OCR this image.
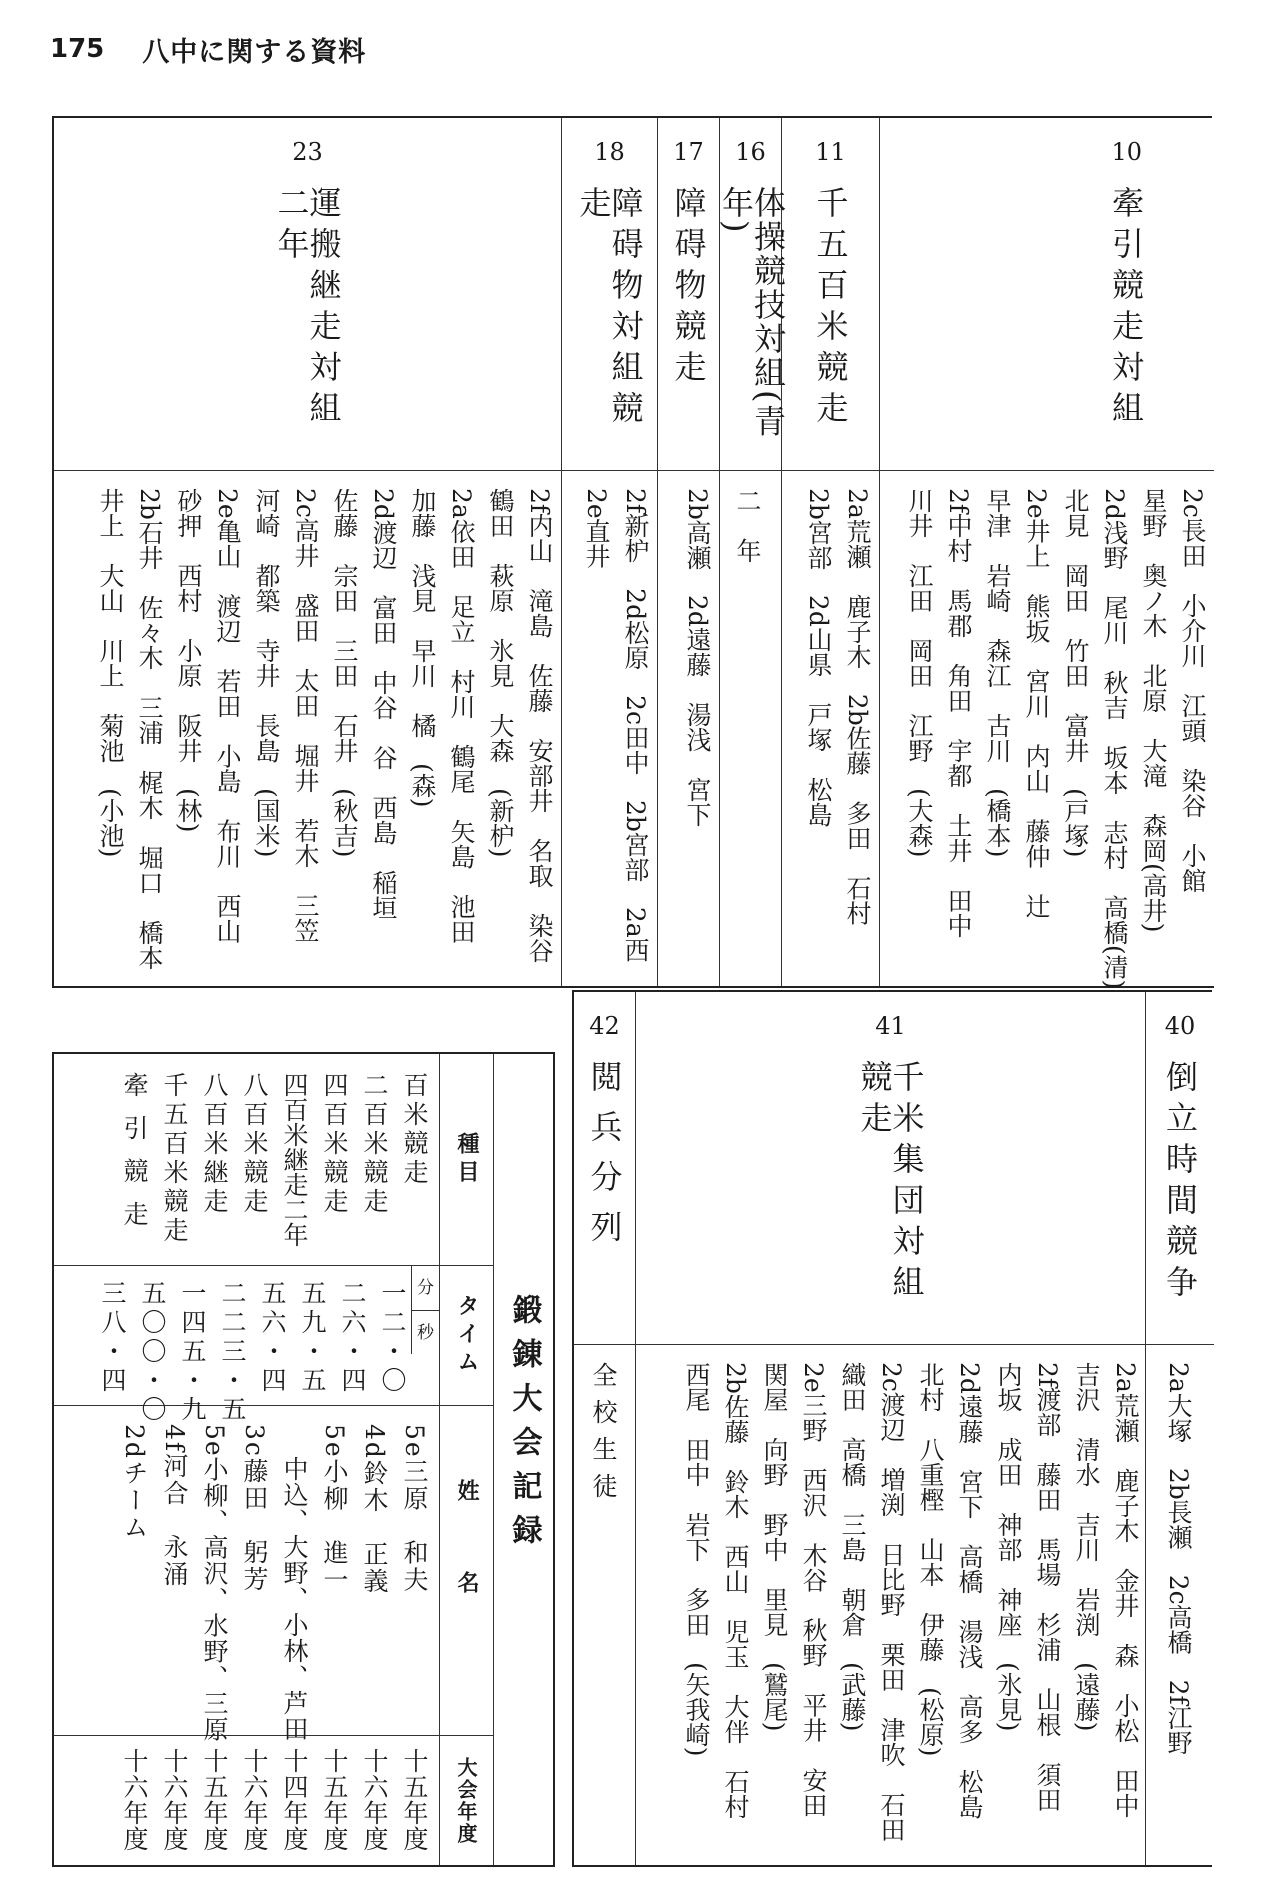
175 八中に関する資料
23
運搬継走対組二年
2f内山　滝島　佐藤　安部井　名取　染谷
鶴田　萩原　氷見　大森　(新枦)
2a依田　足立　村川　鶴尾　矢島　池田
加藤　浅見　早川　橘　(森)
2d渡辺　富田　中谷　谷　西島　稲垣
佐藤　宗田　三田　石井　(秋吉)
2c高井　盛田　太田　堀井　若木　三笠
河崎　都築　寺井　長島　(国米)
2e亀山　渡辺　若田　小島　布川　西山
砂押　西村　小原　阪井　(林)
2b石井　佐々木　三浦　梶木　堀口　橋本
井上　大山　川上　菊池　(小池)
18
障碍物対組競走
2f新枦　2d松原　2c田中　2b宮部　2a西
2e直井
17
障碍物競走
2b高瀬　2d遠藤　湯浅　宮下
16
体操競技対組(青年)
二　年
11
千五百米競走
2a荒瀬　鹿子木　2b佐藤　多田　石村
2b宮部　2d山県　戸塚　松島
10
牽引競走対組
2c長田　小介川　江頭　染谷　小館
星野　奥ノ木　北原　大滝　森岡(高井)
2d浅野　尾川　秋吉　坂本　志村　高橋(清)
北見　岡田　竹田　富井　(戸塚)
2e井上　熊坂　宮川　内山　藤仲　辻
早津　岩崎　森江　古川　(橋本)
2f中村　馬郡　角田　宇都　土井　田中
川井　江田　岡田　江野　(大森)
鍛錬大会記録
種目
百米競走
二百米競走
四百米競走
四百米継走二年
八百米競走
八百米継走
千五百米競走
牽引競走
タイム
分
秒
一二・〇
二六・四
五九・五
五六・四
二二三・五
一四五・九
五〇〇・〇
三八・四
姓名
5e三原　和夫
4d鈴木　正義
5e小柳　進一
中込、大野、小林、芦田
3c藤田　躬芳
5e小柳、高沢、水野、三原
4f河合　永涌
2dチーム
大会年度
十五年度
十六年度
十五年度
十四年度
十六年度
十五年度
十六年度
十六年度
42
閲兵分列
全校生徒
41
千米集団対組競走
2a荒瀬　鹿子木　金井　森　小松　田中
吉沢　清水　吉川　岩渕　(遠藤)
2f渡部　藤田　馬場　杉浦　山根　須田
内坂　成田　神部　神座　(氷見)
2d遠藤　宮下　高橋　湯浅　高多　松島
北村　八重樫　山本　伊藤　(松原)
2c渡辺　増渕　日比野　栗田　津吹　石田
織田　高橋　三島　朝倉　(武藤)
2e三野　西沢　木谷　秋野　平井　安田
関屋　向野　野中　里見　(鷲尾)
2b佐藤　鈴木　西山　児玉　大伴　石村
西尾　田中　岩下　多田　(矢我崎)
40
倒立時間競争
2a大塚　2b長瀬　2c高橋　2f江野
